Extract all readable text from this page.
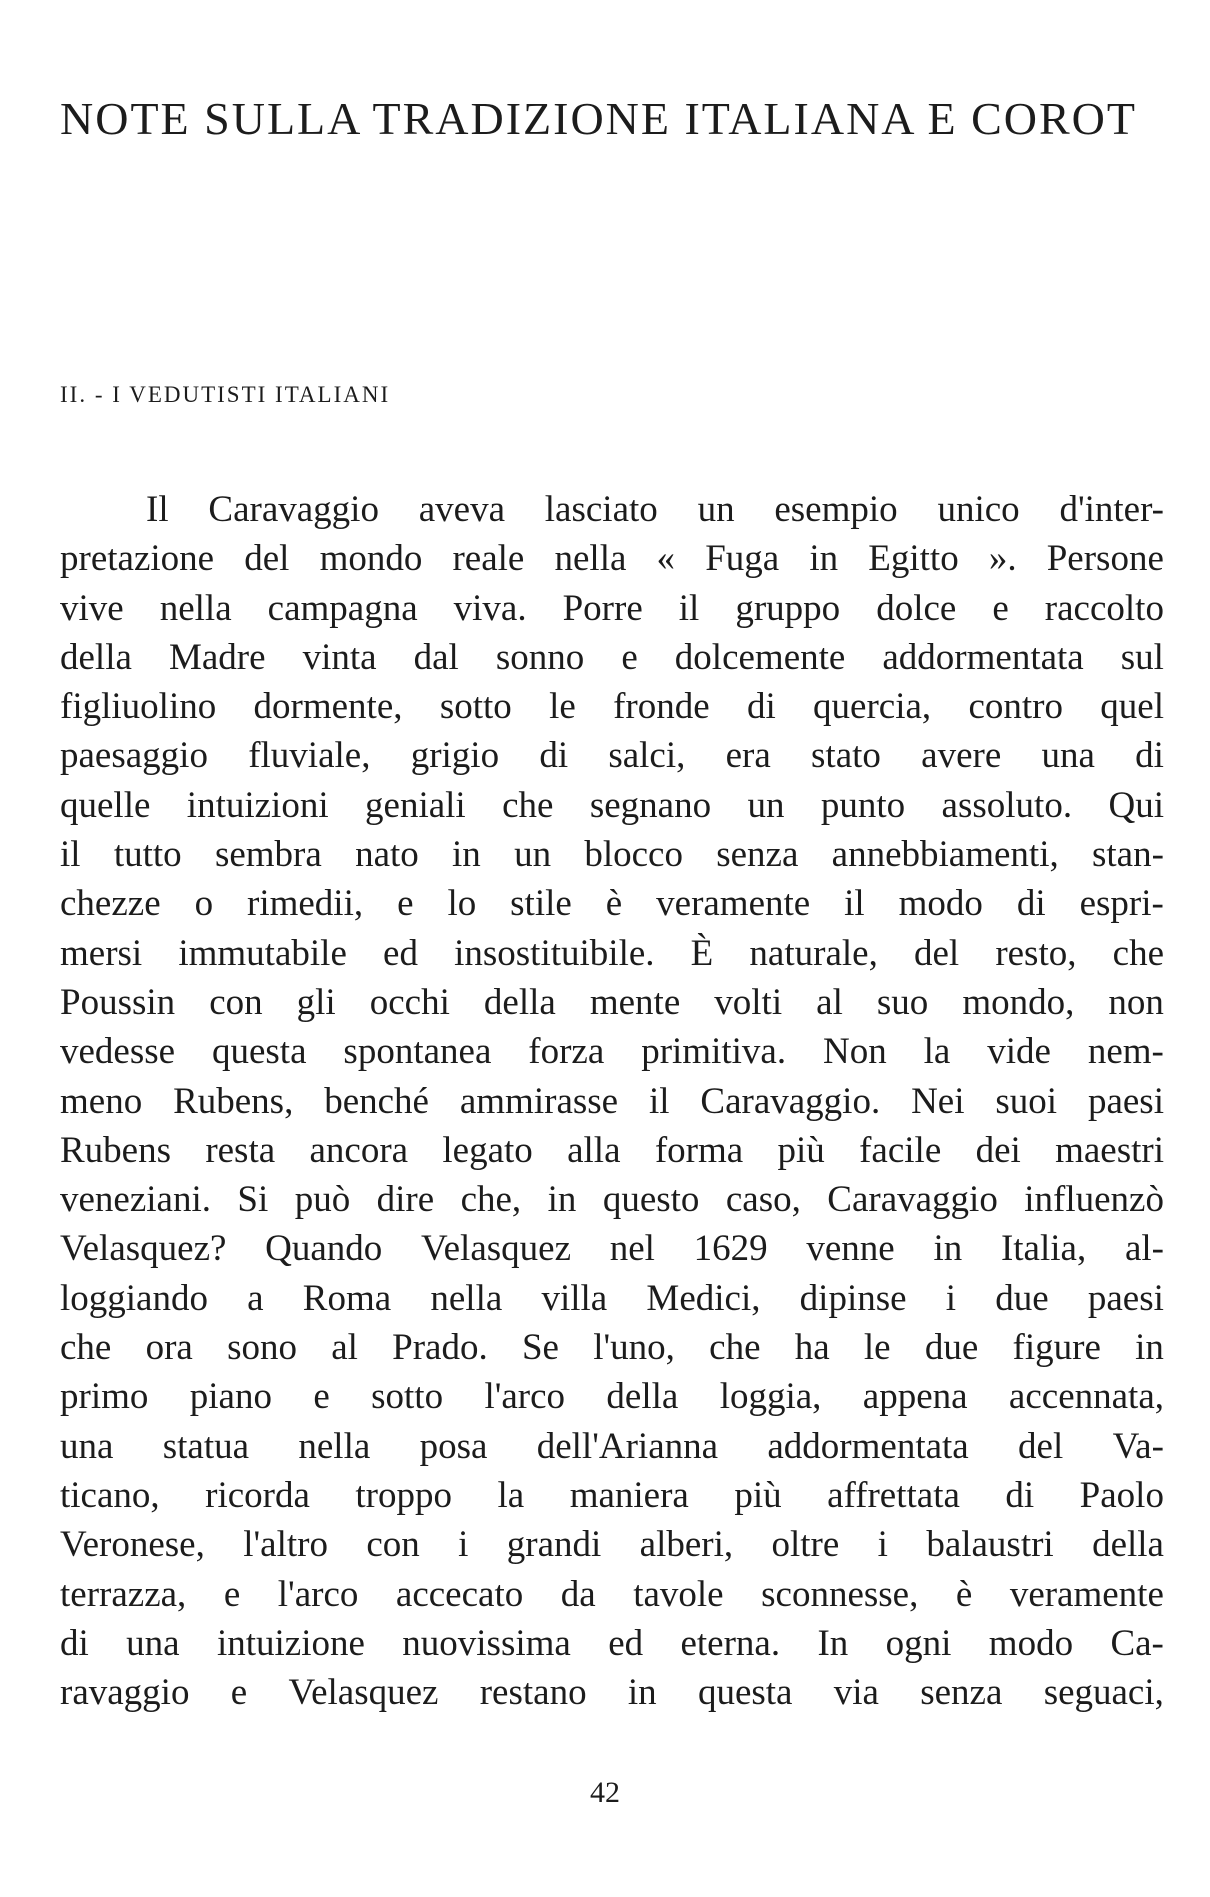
NOTE SULLA TRADIZIONE ITALIANA E COROT
II. - I VEDUTISTI ITALIANI
Il Caravaggio aveva lasciato un esempio unico d'inter-
pretazione del mondo reale nella « Fuga in Egitto ». Persone
vive nella campagna viva. Porre il gruppo dolce e raccolto
della Madre vinta dal sonno e dolcemente addormentata sul
figliuolino dormente, sotto le fronde di quercia, contro quel
paesaggio fluviale, grigio di salci, era stato avere una di
quelle intuizioni geniali che segnano un punto assoluto. Qui
il tutto sembra nato in un blocco senza annebbiamenti, stan-
chezze o rimedii, e lo stile è veramente il modo di espri-
mersi immutabile ed insostituibile. È naturale, del resto, che
Poussin con gli occhi della mente volti al suo mondo, non
vedesse questa spontanea forza primitiva. Non la vide nem-
meno Rubens, benché ammirasse il Caravaggio. Nei suoi paesi
Rubens resta ancora legato alla forma più facile dei maestri
veneziani. Si può dire che, in questo caso, Caravaggio influenzò
Velasquez? Quando Velasquez nel 1629 venne in Italia, al-
loggiando a Roma nella villa Medici, dipinse i due paesi
che ora sono al Prado. Se l'uno, che ha le due figure in
primo piano e sotto l'arco della loggia, appena accennata,
una statua nella posa dell'Arianna addormentata del Va-
ticano, ricorda troppo la maniera più affrettata di Paolo
Veronese, l'altro con i grandi alberi, oltre i balaustri della
terrazza, e l'arco accecato da tavole sconnesse, è veramente
di una intuizione nuovissima ed eterna. In ogni modo Ca-
ravaggio e Velasquez restano in questa via senza seguaci,
42
